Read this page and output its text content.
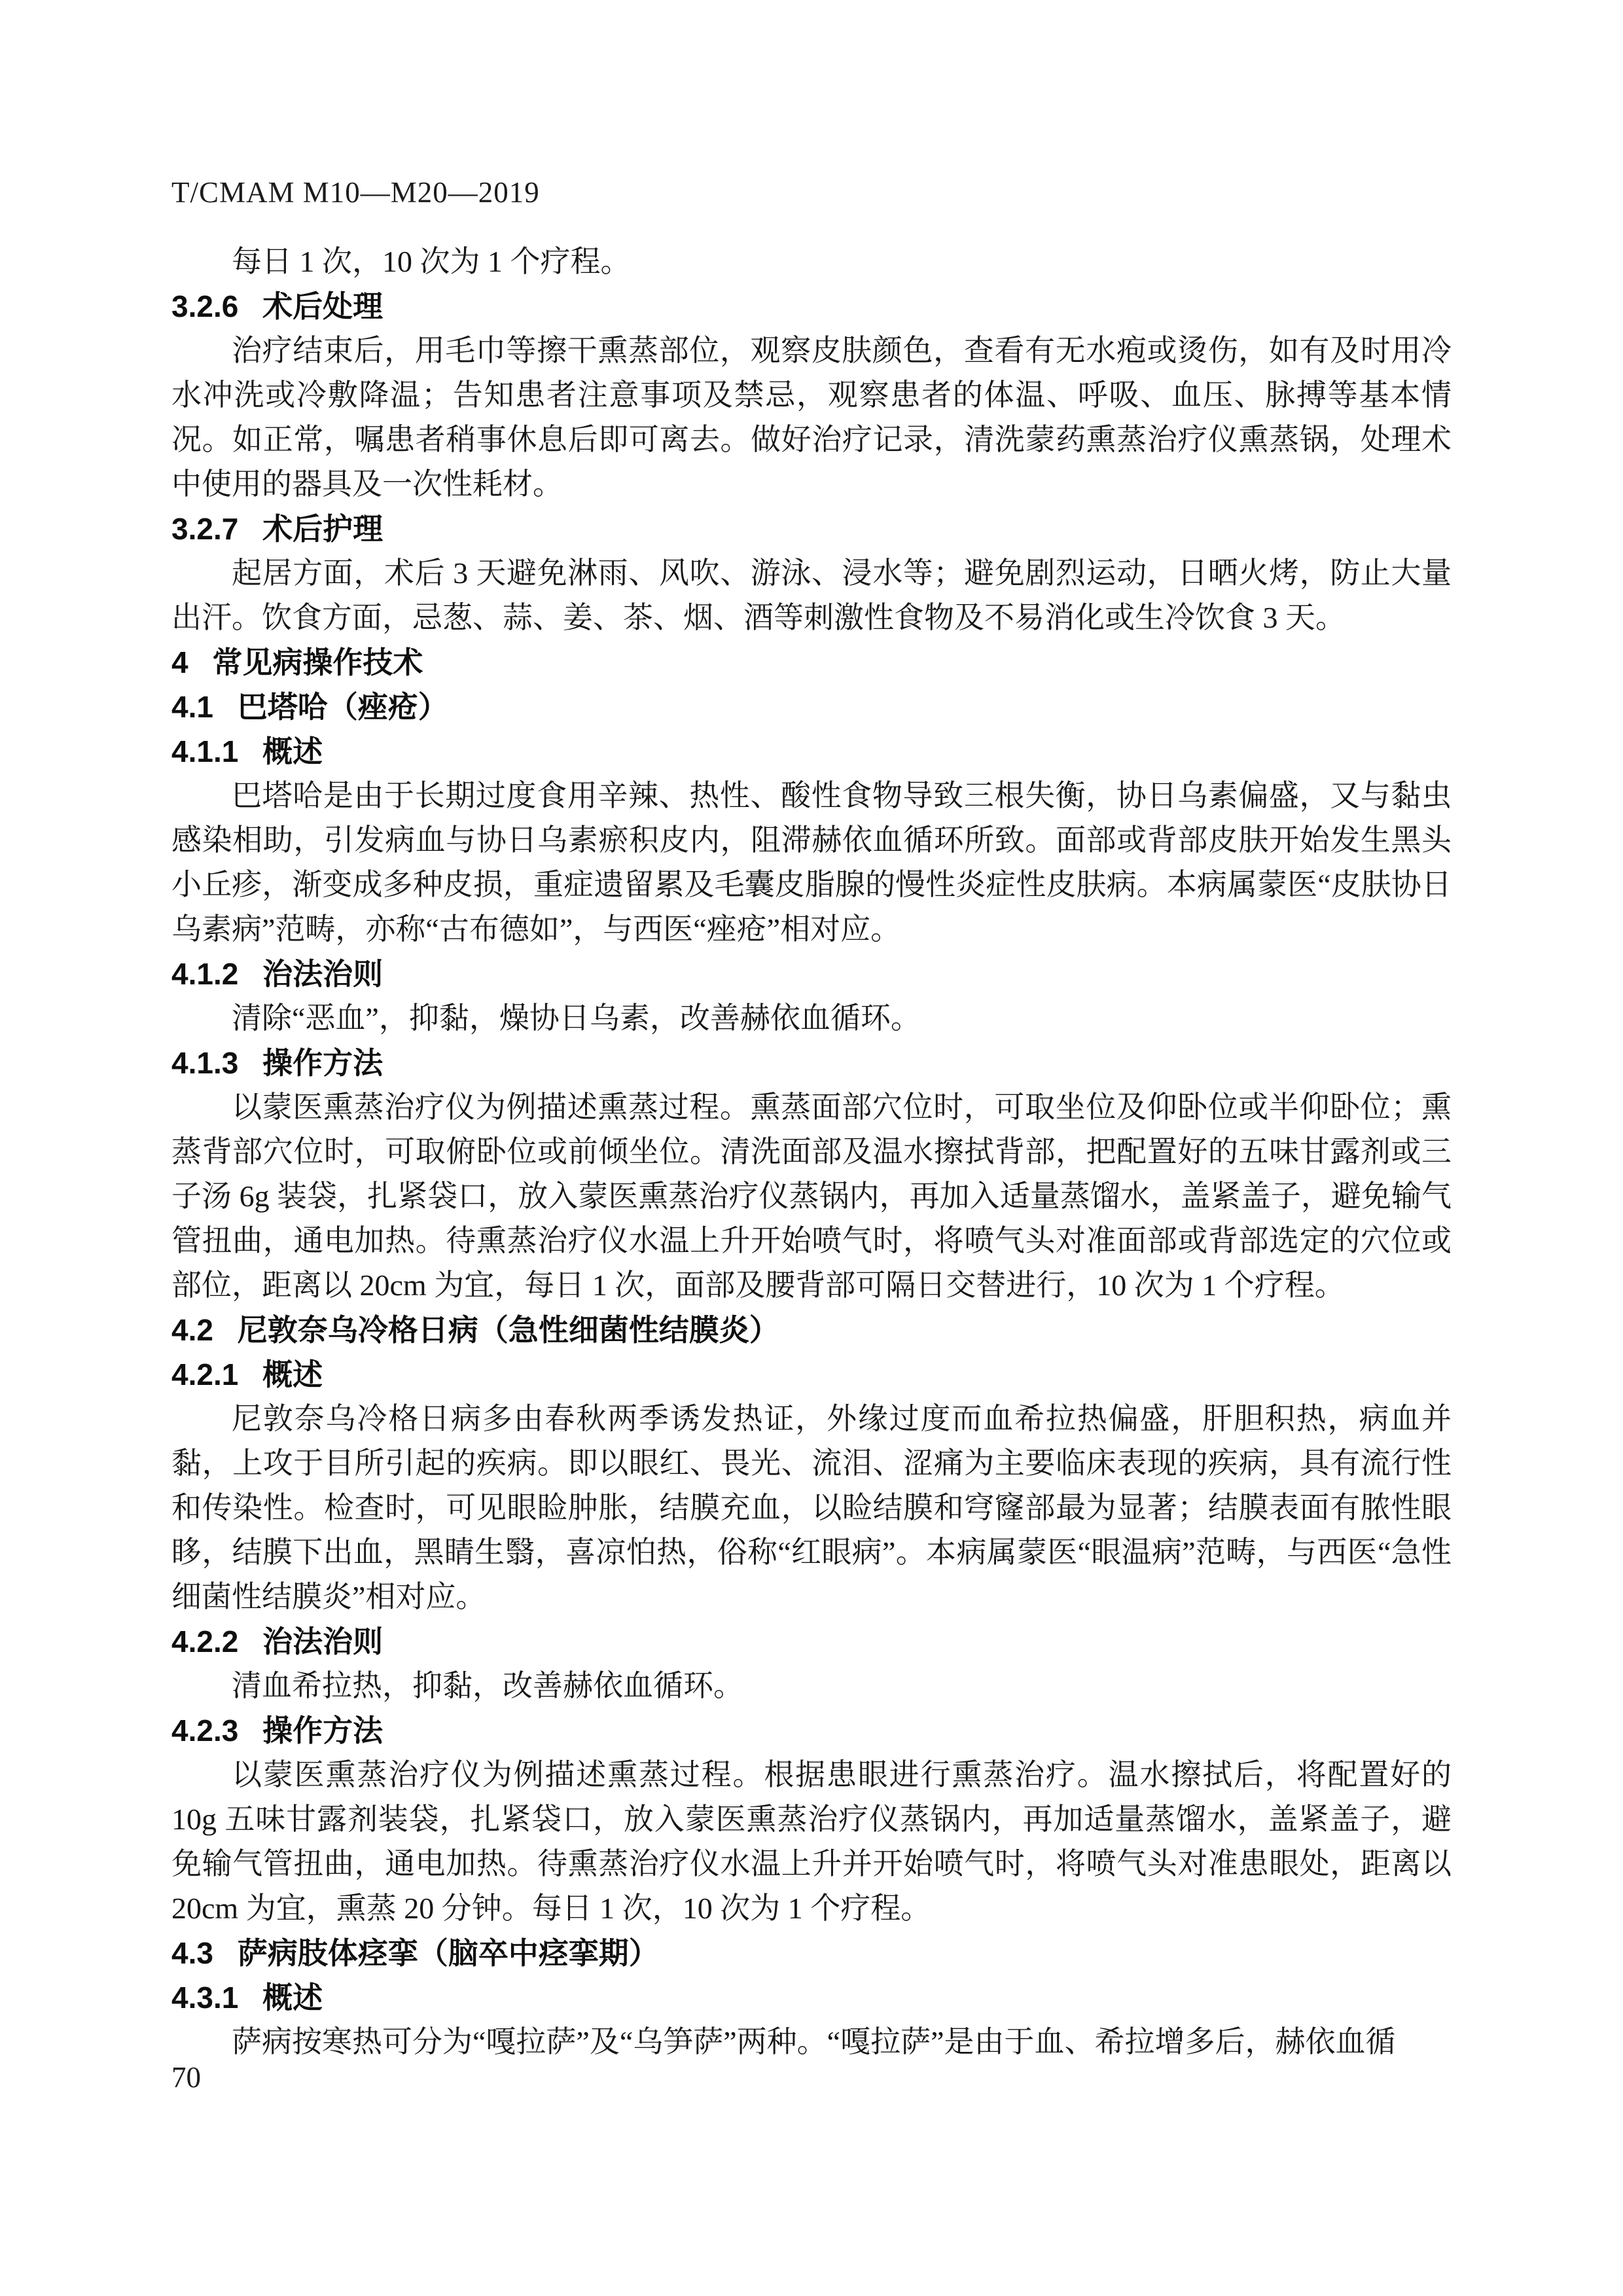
T/CMAM M10—M20—2019

每日 1 次，10 次为 1 个疗程。

3.2.6 术后处理

治疗结束后，用毛巾等擦干熏蒸部位，观察皮肤颜色，查看有无水疱或烫伤，如有及时用冷水冲洗或冷敷降温；告知患者注意事项及禁忌，观察患者的体温、呼吸、血压、脉搏等基本情况。如正常，嘱患者稍事休息后即可离去。做好治疗记录，清洗蒙药熏蒸治疗仪熏蒸锅，处理术中使用的器具及一次性耗材。

3.2.7 术后护理

起居方面，术后 3 天避免淋雨、风吹、游泳、浸水等；避免剧烈运动，日晒火烤，防止大量出汗。饮食方面，忌葱、蒜、姜、茶、烟、酒等刺激性食物及不易消化或生冷饮食 3 天。

4 常见病操作技术
4.1 巴塔哈（痤疮）
4.1.1 概述

巴塔哈是由于长期过度食用辛辣、热性、酸性食物导致三根失衡，协日乌素偏盛，又与黏虫感染相助，引发病血与协日乌素瘀积皮内，阻滞赫依血循环所致。面部或背部皮肤开始发生黑头小丘疹，渐变成多种皮损，重症遗留累及毛囊皮脂腺的慢性炎症性皮肤病。本病属蒙医“皮肤协日乌素病”范畴，亦称“古布德如”，与西医“痤疮”相对应。

4.1.2 治法治则

清除“恶血”，抑黏，燥协日乌素，改善赫依血循环。

4.1.3 操作方法

以蒙医熏蒸治疗仪为例描述熏蒸过程。熏蒸面部穴位时，可取坐位及仰卧位或半仰卧位；熏蒸背部穴位时，可取俯卧位或前倾坐位。清洗面部及温水擦拭背部，把配置好的五味甘露剂或三子汤 6g 装袋，扎紧袋口，放入蒙医熏蒸治疗仪蒸锅内，再加入适量蒸馏水，盖紧盖子，避免输气管扭曲，通电加热。待熏蒸治疗仪水温上升开始喷气时，将喷气头对准面部或背部选定的穴位或部位，距离以 20cm 为宜，每日 1 次，面部及腰背部可隔日交替进行，10 次为 1 个疗程。

4.2 尼敦奈乌冷格日病（急性细菌性结膜炎）
4.2.1 概述

尼敦奈乌冷格日病多由春秋两季诱发热证，外缘过度而血希拉热偏盛，肝胆积热，病血并黏，上攻于目所引起的疾病。即以眼红、畏光、流泪、涩痛为主要临床表现的疾病，具有流行性和传染性。检查时，可见眼睑肿胀，结膜充血，以睑结膜和穹窿部最为显著；结膜表面有脓性眼眵，结膜下出血，黑睛生翳，喜凉怕热，俗称“红眼病”。本病属蒙医“眼温病”范畴，与西医“急性细菌性结膜炎”相对应。

4.2.2 治法治则

清血希拉热，抑黏，改善赫依血循环。

4.2.3 操作方法

以蒙医熏蒸治疗仪为例描述熏蒸过程。根据患眼进行熏蒸治疗。温水擦拭后，将配置好的 10g 五味甘露剂装袋，扎紧袋口，放入蒙医熏蒸治疗仪蒸锅内，再加适量蒸馏水，盖紧盖子，避免输气管扭曲，通电加热。待熏蒸治疗仪水温上升并开始喷气时，将喷气头对准患眼处，距离以 20cm 为宜，熏蒸 20 分钟。每日 1 次，10 次为 1 个疗程。

4.3 萨病肢体痉挛（脑卒中痉挛期）
4.3.1 概述

萨病按寒热可分为“嘎拉萨”及“乌笋萨”两种。“嘎拉萨”是由于血、希拉增多后，赫依血循

70
